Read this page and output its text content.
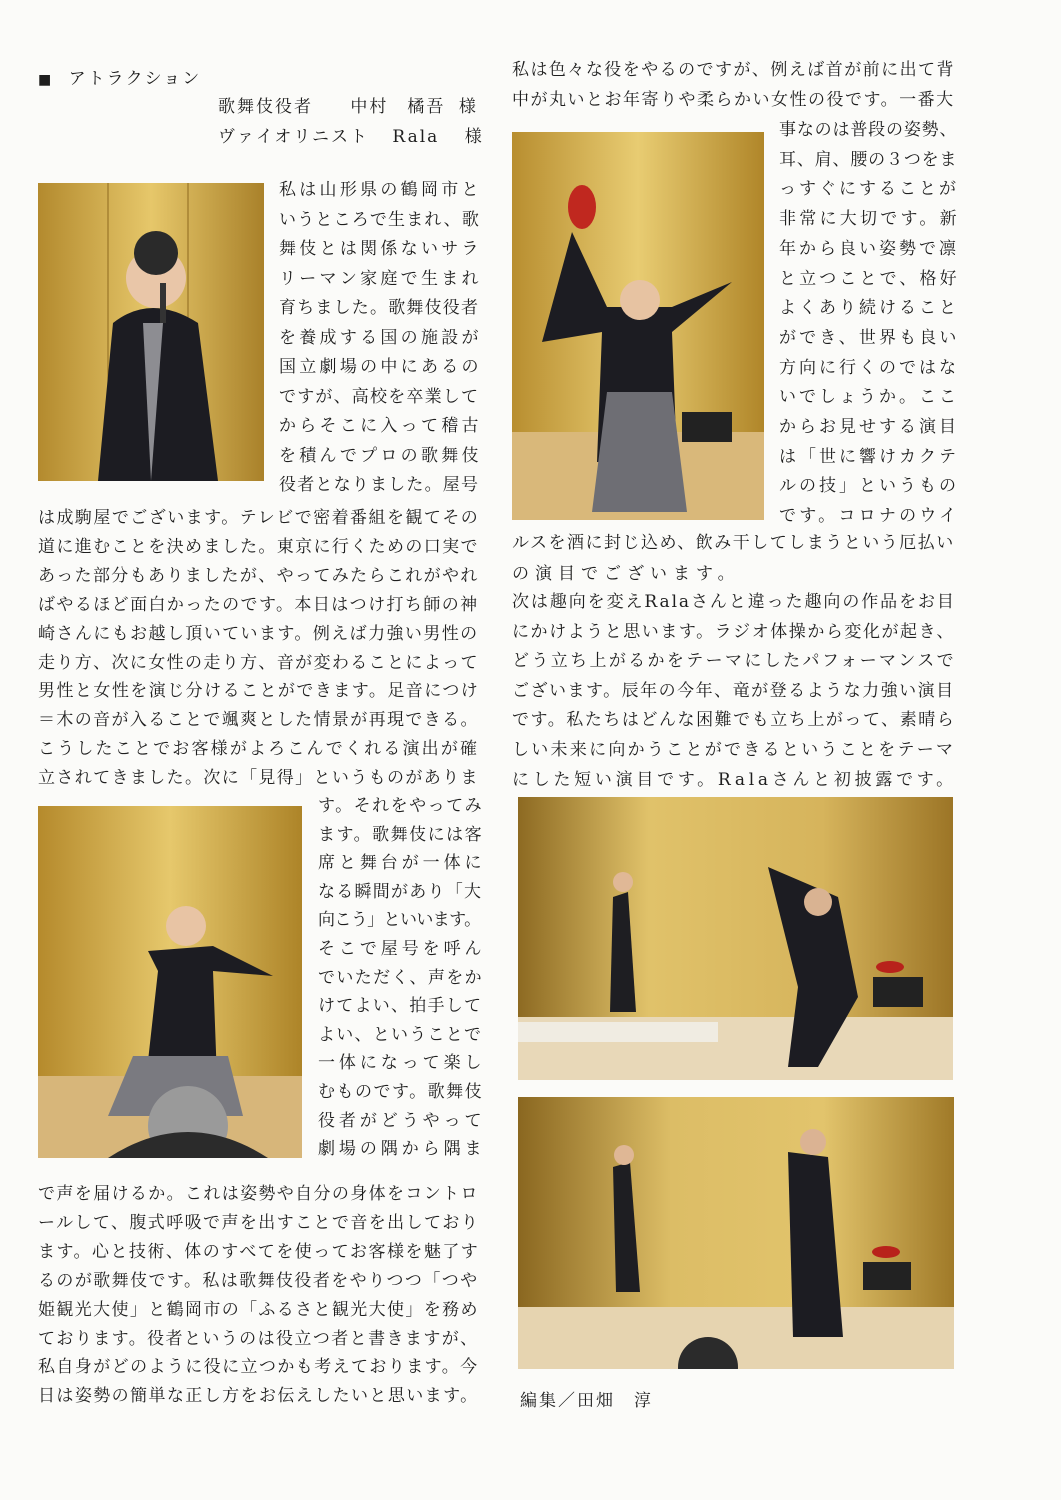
■ アトラクション
歌舞伎役者 中村　橘吾 様
ヴァイオリニスト Rala 様
私は山形県の鶴岡市と
いうところで生まれ、歌
舞伎とは関係ないサラ
リーマン家庭で生まれ
育ちました。歌舞伎役者
を養成する国の施設が
国立劇場の中にあるの
ですが、高校を卒業して
からそこに入って稽古
を積んでプロの歌舞伎
役者となりました。屋号
は成駒屋でございます。テレビで密着番組を観てその
道に進むことを決めました。東京に行くための口実で
あった部分もありましたが、やってみたらこれがやれ
ばやるほど面白かったのです。本日はつけ打ち師の神
崎さんにもお越し頂いています。例えば力強い男性の
走り方、次に女性の走り方、音が変わることによって
男性と女性を演じ分けることができます。足音につけ
＝木の音が入ることで颯爽とした情景が再現できる。
こうしたことでお客様がよろこんでくれる演出が確
立されてきました。次に「見得」というものがありま
す。それをやってみ
ます。歌舞伎には客
席と舞台が一体に
なる瞬間があり「大
向こう」といいます。
そこで屋号を呼ん
でいただく、声をか
けてよい、拍手して
よい、ということで
一体になって楽し
むものです。歌舞伎
役者がどうやって
劇場の隅から隅ま
で声を届けるか。これは姿勢や自分の身体をコントロ
ールして、腹式呼吸で声を出すことで音を出しており
ます。心と技術、体のすべてを使ってお客様を魅了す
るのが歌舞伎です。私は歌舞伎役者をやりつつ「つや
姫観光大使」と鶴岡市の「ふるさと観光大使」を務め
ております。役者というのは役立つ者と書きますが、
私自身がどのように役に立つかも考えております。今
日は姿勢の簡単な正し方をお伝えしたいと思います。
私は色々な役をやるのですが、例えば首が前に出て背
中が丸いとお年寄りや柔らかい女性の役です。一番大
事なのは普段の姿勢、
耳、肩、腰の３つをま
っすぐにすることが
非常に大切です。新
年から良い姿勢で凛
と立つことで、格好
よくあり続けること
ができ、世界も良い
方向に行くのではな
いでしょうか。ここ
からお見せする演目
は「世に響けカクテ
ルの技」というもの
です。コロナのウイ
ルスを酒に封じ込め、飲み干してしまうという厄払い
の演目でございます。
次は趣向を変えRalaさんと違った趣向の作品をお目
にかけようと思います。ラジオ体操から変化が起き、
どう立ち上がるかをテーマにしたパフォーマンスで
ございます。辰年の今年、竜が登るような力強い演目
です。私たちはどんな困難でも立ち上がって、素晴ら
しい未来に向かうことができるということをテーマ
にした短い演目です。Ralaさんと初披露です。
編集／田畑　淳
